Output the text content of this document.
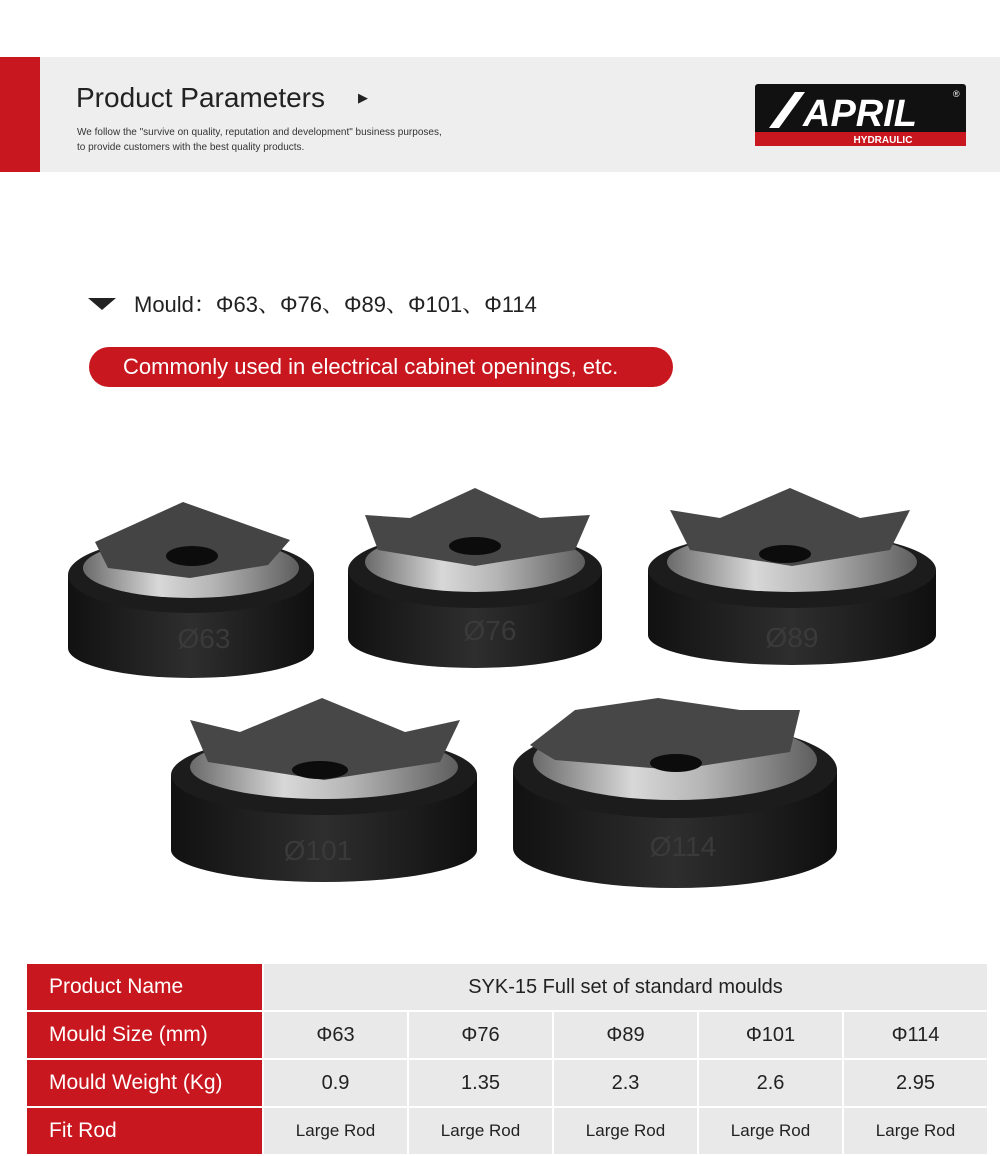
Product Parameters	▶
We follow the "survive on quality, reputation and development" business purposes,
to provide customers with the best quality products.
APRIL	®
HYDRAULIC
Mould：Φ63、Φ76、Φ89、Φ101、Φ114
Commonly used in electrical cabinet openings, etc.
Ø63	Ø76	Ø89
Ø101	Ø114
Product Name	SYK-15 Full set of standard moulds				
Mould Size (mm)	Φ63	Φ76	Φ89	Φ101	Φ114
Mould Weight (Kg)	0.9	1.35	2.3	2.6	2.95
Fit Rod	Large Rod	Large Rod	Large Rod	Large Rod	Large Rod
